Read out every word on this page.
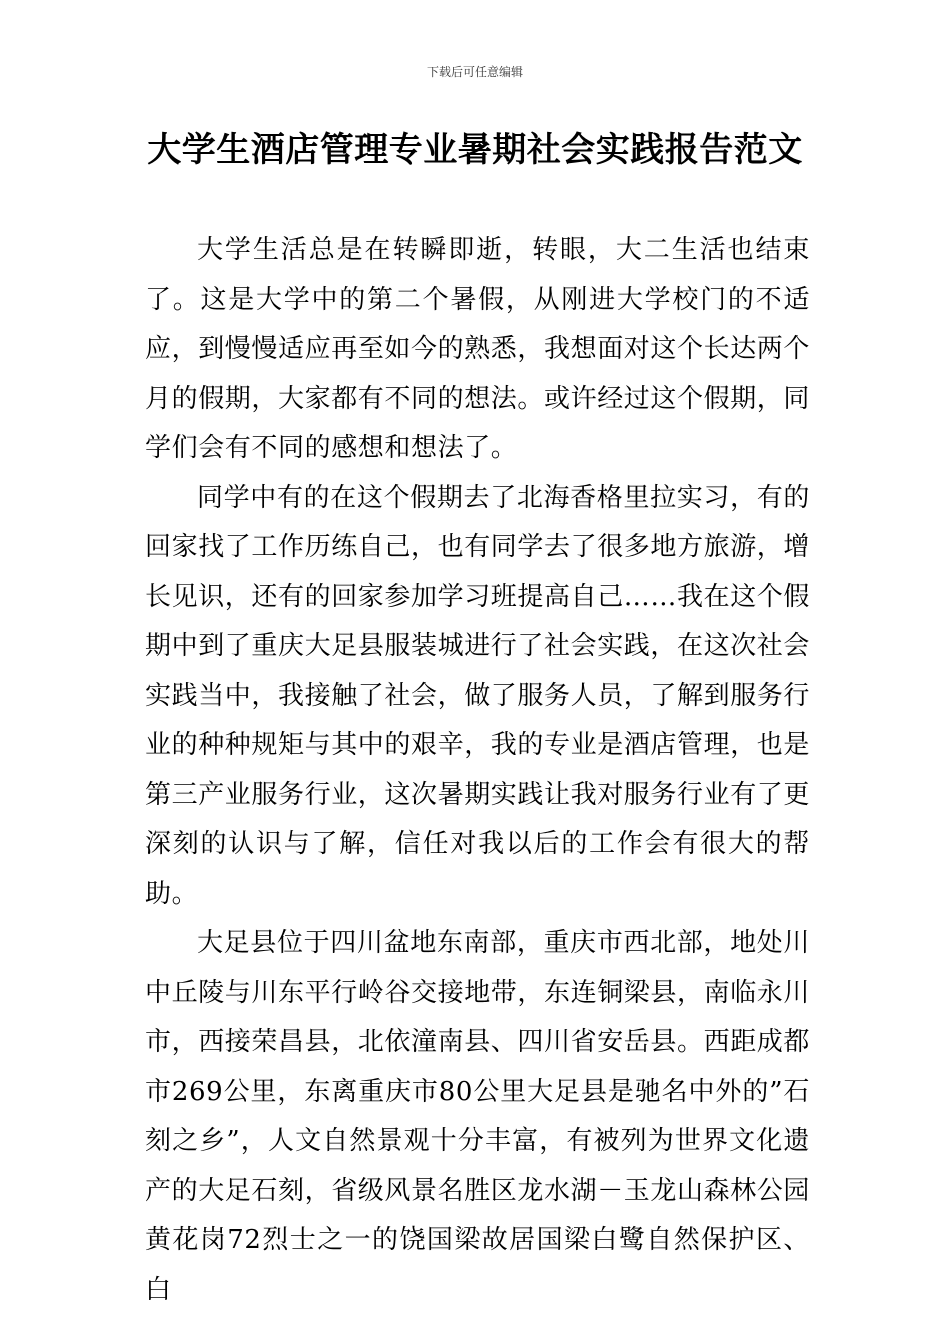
下载后可任意编辑
大学生酒店管理专业暑期社会实践报告范文

大学生活总是在转瞬即逝，转眼，大二生活也结束了。这是大学中的第二个暑假，从刚进大学校门的不适应，到慢慢适应再至如今的熟悉，我想面对这个长达两个月的假期，大家都有不同的想法。或许经过这个假期，同学们会有不同的感想和想法了。

同学中有的在这个假期去了北海香格里拉实习，有的回家找了工作历练自己，也有同学去了很多地方旅游，增长见识，还有的回家参加学习班提高自己……我在这个假期中到了重庆大足县服装城进行了社会实践，在这次社会实践当中，我接触了社会，做了服务人员，了解到服务行业的种种规矩与其中的艰辛，我的专业是酒店管理，也是第三产业服务行业，这次暑期实践让我对服务行业有了更深刻的认识与了解，信任对我以后的工作会有很大的帮助。

大足县位于四川盆地东南部，重庆市西北部，地处川中丘陵与川东平行岭谷交接地带，东连铜梁县，南临永川市，西接荣昌县，北依潼南县、四川省安岳县。西距成都市269公里，东离重庆市80公里大足县是驰名中外的”石刻之乡”，人文自然景观十分丰富，有被列为世界文化遗产的大足石刻，省级风景名胜区龙水湖－玉龙山森林公园黄花岗72烈士之一的饶国梁故居国梁白鹭自然保护区、白
